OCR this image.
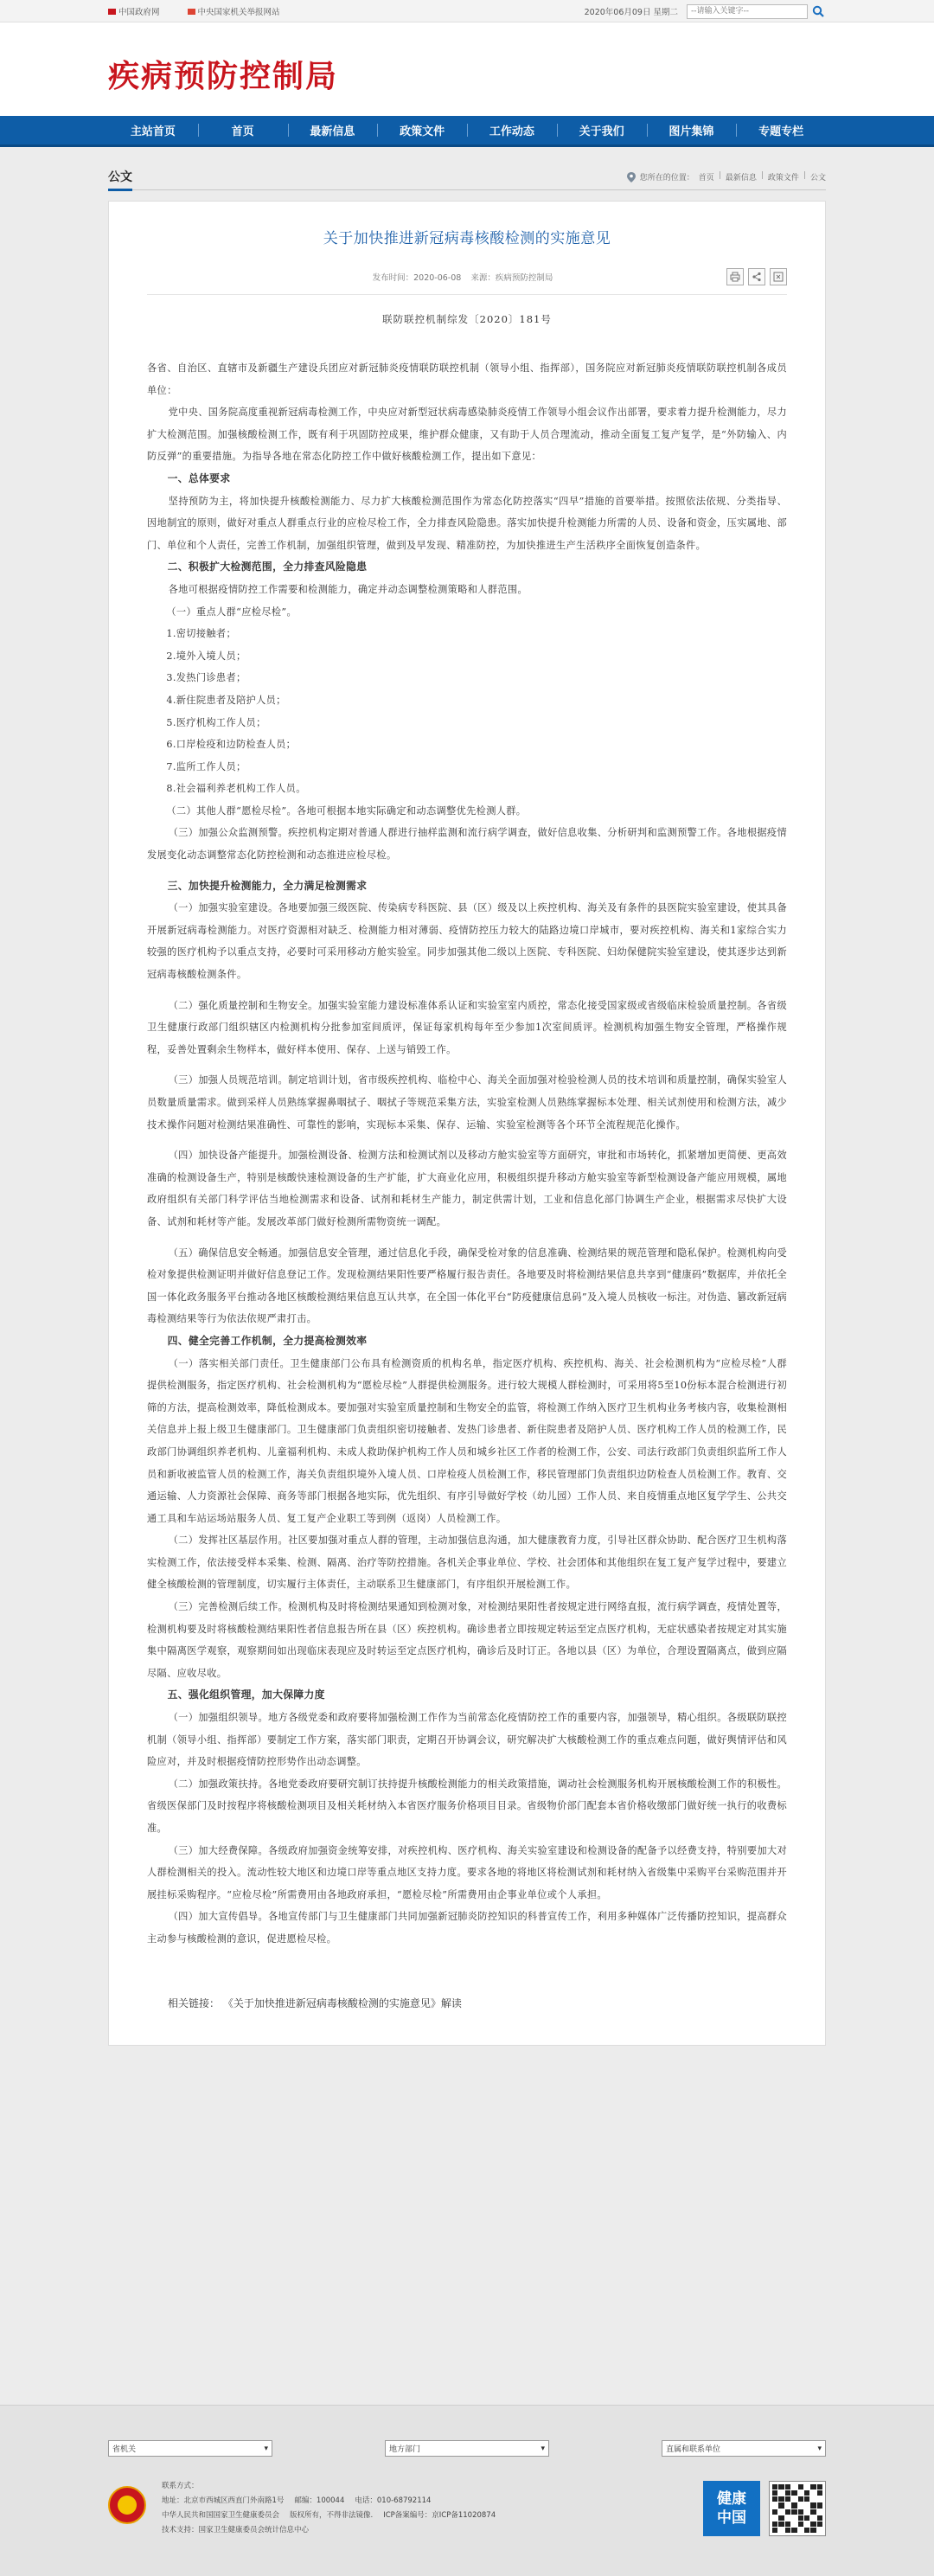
中国政府网	中央国家机关举报网站	2020年06月09日 星期二
--请输入关键字--
疾病预防控制局
主站首页	首页	最新信息	政策文件	工作动态	关于我们	图片集锦	专题专栏
公文	您所在的位置： 首页 | 最新信息 | 政策文件 | 公文
关于加快推进新冠病毒核酸检测的实施意见
发布时间：2020-06-08 来源：疾病预防控制局
联防联控机制综发〔2020〕181号

各省、自治区、直辖市及新疆生产建设兵团应对新冠肺炎疫情联防联控机制（领导小组、指挥部），国务院应对新冠肺炎疫情联防联控机制各成员单位：

党中央、国务院高度重视新冠病毒检测工作，中央应对新型冠状病毒感染肺炎疫情工作领导小组会议作出部署，要求着力提升检测能力，尽力扩大检测范围。加强核酸检测工作，既有利于巩固防控成果，维护群众健康，又有助于人员合理流动，推动全面复工复产复学，是“外防输入、内防反弹”的重要措施。为指导各地在常态化防控工作中做好核酸检测工作，提出如下意见：

一、总体要求

坚持预防为主，将加快提升核酸检测能力、尽力扩大核酸检测范围作为常态化防控落实“四早”措施的首要举措。按照依法依规、分类指导、因地制宜的原则，做好对重点人群重点行业的应检尽检工作，全力排查风险隐患。落实加快提升检测能力所需的人员、设备和资金，压实属地、部门、单位和个人责任，完善工作机制，加强组织管理，做到及早发现、精准防控，为加快推进生产生活秩序全面恢复创造条件。

二、积极扩大检测范围，全力排查风险隐患

各地可根据疫情防控工作需要和检测能力，确定并动态调整检测策略和人群范围。

（一）重点人群“应检尽检”。

1.密切接触者；

2.境外入境人员；

3.发热门诊患者；

4.新住院患者及陪护人员；

5.医疗机构工作人员；

6.口岸检疫和边防检查人员；

7.监所工作人员；

8.社会福利养老机构工作人员。

（二）其他人群“愿检尽检”。各地可根据本地实际确定和动态调整优先检测人群。

（三）加强公众监测预警。疾控机构定期对普通人群进行抽样监测和流行病学调查，做好信息收集、分析研判和监测预警工作。各地根据疫情发展变化动态调整常态化防控检测和动态推进应检尽检。

三、加快提升检测能力，全力满足检测需求

（一）加强实验室建设。各地要加强三级医院、传染病专科医院、县（区）级及以上疾控机构、海关及有条件的县医院实验室建设，使其具备开展新冠病毒检测能力。对医疗资源相对缺乏、检测能力相对薄弱、疫情防控压力较大的陆路边境口岸城市，要对疾控机构、海关和1家综合实力较强的医疗机构予以重点支持，必要时可采用移动方舱实验室。同步加强其他二级以上医院、专科医院、妇幼保健院实验室建设，使其逐步达到新冠病毒核酸检测条件。

（二）强化质量控制和生物安全。加强实验室能力建设标准体系认证和实验室室内质控，常态化接受国家级或省级临床检验质量控制。各省级卫生健康行政部门组织辖区内检测机构分批参加室间质评，保证每家机构每年至少参加1次室间质评。检测机构加强生物安全管理，严格操作规程，妥善处置剩余生物样本，做好样本使用、保存、上送与销毁工作。

（三）加强人员规范培训。制定培训计划，省市级疾控机构、临检中心、海关全面加强对检验检测人员的技术培训和质量控制，确保实验室人员数量质量需求。做到采样人员熟练掌握鼻咽拭子、咽拭子等规范采集方法，实验室检测人员熟练掌握标本处理、相关试剂使用和检测方法，减少技术操作问题对检测结果准确性、可靠性的影响，实现标本采集、保存、运输、实验室检测等各个环节全流程规范化操作。

（四）加快设备产能提升。加强检测设备、检测方法和检测试剂以及移动方舱实验室等方面研究，审批和市场转化，抓紧增加更简便、更高效准确的检测设备生产，特别是核酸快速检测设备的生产扩能，扩大商业化应用，积极组织提升移动方舱实验室等新型检测设备产能应用规模，属地政府组织有关部门科学评估当地检测需求和设备、试剂和耗材生产能力，制定供需计划，工业和信息化部门协调生产企业，根据需求尽快扩大设备、试剂和耗材等产能。发展改革部门做好检测所需物资统一调配。

（五）确保信息安全畅通。加强信息安全管理，通过信息化手段，确保受检对象的信息准确、检测结果的规范管理和隐私保护。检测机构向受检对象提供检测证明并做好信息登记工作。发现检测结果阳性要严格履行报告责任。各地要及时将检测结果信息共享到“健康码”数据库，并依托全国一体化政务服务平台推动各地区核酸检测结果信息互认共享，在全国一体化平台“防疫健康信息码”及入境人员核收一标注。对伪造、篡改新冠病毒检测结果等行为依法依规严肃打击。

四、健全完善工作机制，全力提高检测效率

（一）落实相关部门责任。卫生健康部门公布具有检测资质的机构名单，指定医疗机构、疾控机构、海关、社会检测机构为“应检尽检”人群提供检测服务，指定医疗机构、社会检测机构为“愿检尽检”人群提供检测服务。进行较大规模人群检测时，可采用将5至10份标本混合检测进行初筛的方法，提高检测效率，降低检测成本。要加强对实验室质量控制和生物安全的监管，将检测工作纳入医疗卫生机构业务考核内容，收集检测相关信息并上报上级卫生健康部门。卫生健康部门负责组织密切接触者、发热门诊患者、新住院患者及陪护人员、医疗机构工作人员的检测工作，民政部门协调组织养老机构、儿童福利机构、未成人救助保护机构工作人员和城乡社区工作者的检测工作，公安、司法行政部门负责组织监所工作人员和新收被监管人员的检测工作，海关负责组织境外入境人员、口岸检疫人员检测工作，移民管理部门负责组织边防检查人员检测工作。教育、交通运输、人力资源社会保障、商务等部门根据各地实际，优先组织、有序引导做好学校（幼儿园）工作人员、来自疫情重点地区复学学生、公共交通工具和车站运场站服务人员、复工复产企业职工等到例（返岗）人员检测工作。

（二）发挥社区基层作用。社区要加强对重点人群的管理，主动加强信息沟通，加大健康教育力度，引导社区群众协助、配合医疗卫生机构落实检测工作，依法接受样本采集、检测、隔离、治疗等防控措施。各机关企事业单位、学校、社会团体和其他组织在复工复产复学过程中，要建立健全核酸检测的管理制度，切实履行主体责任，主动联系卫生健康部门，有序组织开展检测工作。

（三）完善检测后续工作。检测机构及时将检测结果通知到检测对象，对检测结果阳性者按规定进行网络直报，流行病学调查，疫情处置等，检测机构要及时将核酸检测结果阳性者信息报告所在县（区）疾控机构。确诊患者立即按规定转运至定点医疗机构，无症状感染者按规定对其实施集中隔离医学观察，观察期间如出现临床表现应及时转运至定点医疗机构，确诊后及时订正。各地以县（区）为单位，合理设置隔离点，做到应隔尽隔、应收尽收。

五、强化组织管理，加大保障力度

（一）加强组织领导。地方各级党委和政府要将加强检测工作作为当前常态化疫情防控工作的重要内容，加强领导，精心组织。各级联防联控机制（领导小组、指挥部）要制定工作方案，落实部门职责，定期召开协调会议，研究解决扩大核酸检测工作的重点难点问题，做好舆情评估和风险应对，并及时根据疫情防控形势作出动态调整。

（二）加强政策扶持。各地党委政府要研究制订扶持提升核酸检测能力的相关政策措施，调动社会检测服务机构开展核酸检测工作的积极性。省级医保部门及时按程序将核酸检测项目及相关耗材纳入本省医疗服务价格项目目录。省级物价部门配套本省价格收缴部门做好统一执行的收费标准。

（三）加大经费保障。各级政府加强资金统筹安排，对疾控机构、医疗机构、海关实验室建设和检测设备的配备予以经费支持，特别要加大对人群检测相关的投入。流动性较大地区和边境口岸等重点地区支持力度。要求各地的将地区将检测试剂和耗材纳入省级集中采购平台采购范围并开展挂标采购程序。“应检尽检”所需费用由各地政府承担，“愿检尽检”所需费用由企事业单位或个人承担。

（四）加大宣传倡导。各地宣传部门与卫生健康部门共同加强新冠肺炎防控知识的科普宣传工作，利用多种媒体广泛传播防控知识，提高群众主动参与核酸检测的意识，促进愿检尽检。

相关链接： 《关于加快推进新冠病毒核酸检测的实施意见》解读
省机关	▾	地方部门	▾	直属和联系单位	▾
联系方式：
地址：北京市西城区西直门外南路1号 邮编：100044 电话：010-68792114
中华人民共和国国家卫生健康委员会 版权所有，不得非法镜像. ICP备案编号：京ICP备11020874
技术支持：国家卫生健康委员会统计信息中心
健康
中国
